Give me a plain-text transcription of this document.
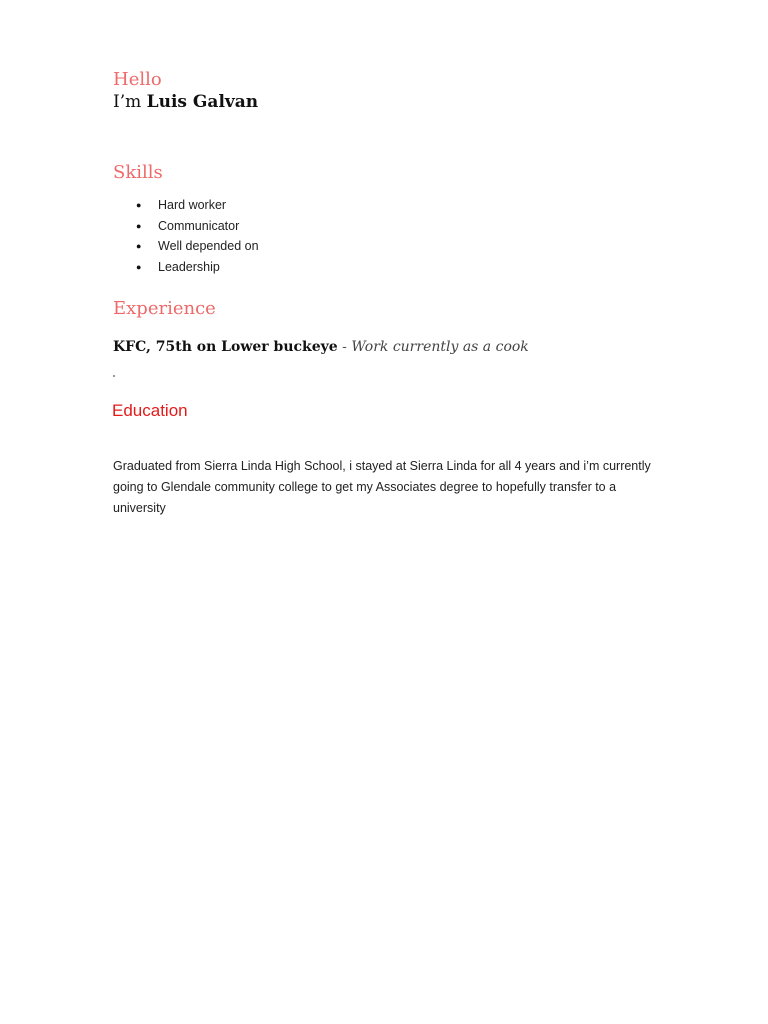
Hello
I’m Luis Galvan
Skills
● Hard worker
● Communicator
● Well depended on
● Leadership
Experience
KFC, 75th on Lower buckeye - Work currently as a cook
Education

Graduated from Sierra Linda High School, i stayed at Sierra Linda for all 4 years and i’m currently going to Glendale community college to get my Associates degree to hopefully transfer to a university
